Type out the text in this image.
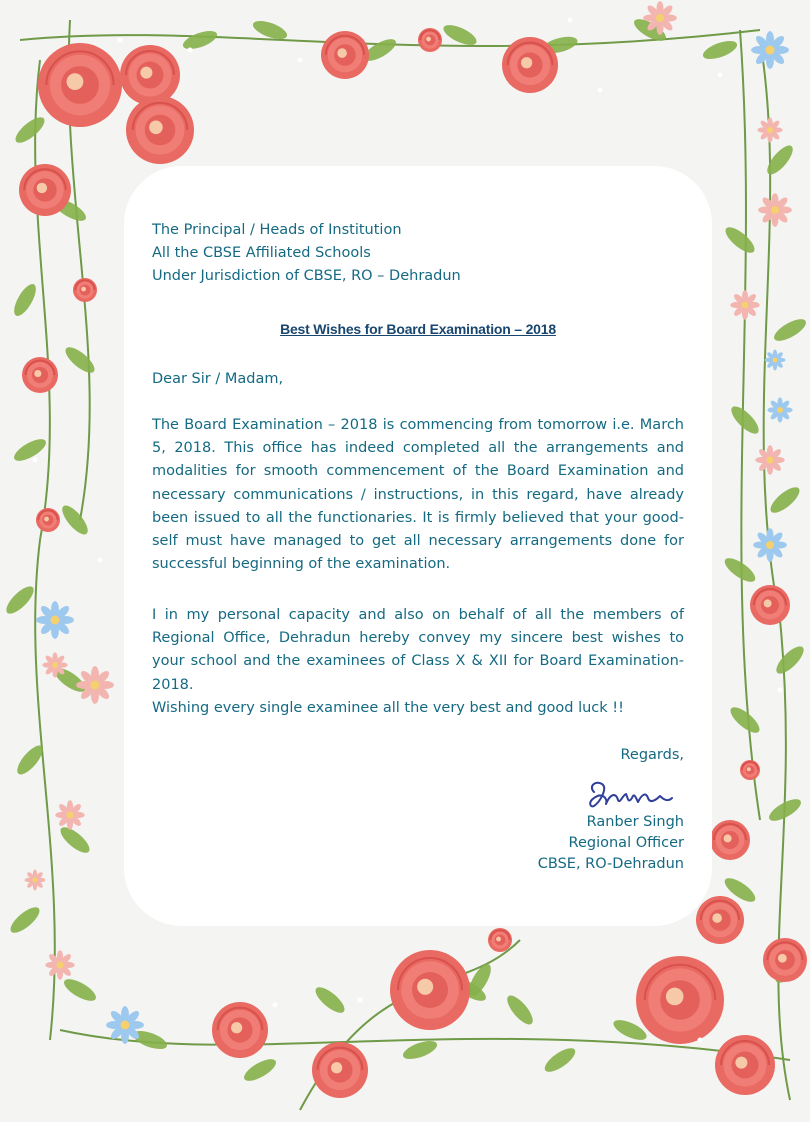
The Principal / Heads of Institution
All the CBSE Affiliated Schools
Under Jurisdiction of CBSE, RO – Dehradun
Best Wishes for Board Examination – 2018
Dear Sir / Madam,
The Board Examination – 2018 is commencing from tomorrow i.e. March 5, 2018. This office has indeed completed all the arrangements and modalities for smooth commencement of the Board Examination and necessary communications / instructions, in this regard, have already been issued to all the functionaries. It is firmly believed that your good-self must have managed to get all necessary arrangements done for successful beginning of the examination.
I in my personal capacity and also on behalf of all the members of Regional Office, Dehradun hereby convey my sincere best wishes to your school and the examinees of Class X & XII for Board Examination-2018.
Wishing every single examinee all the very best and good luck !!
Regards,
Ranber Singh
Regional Officer
CBSE, RO-Dehradun
